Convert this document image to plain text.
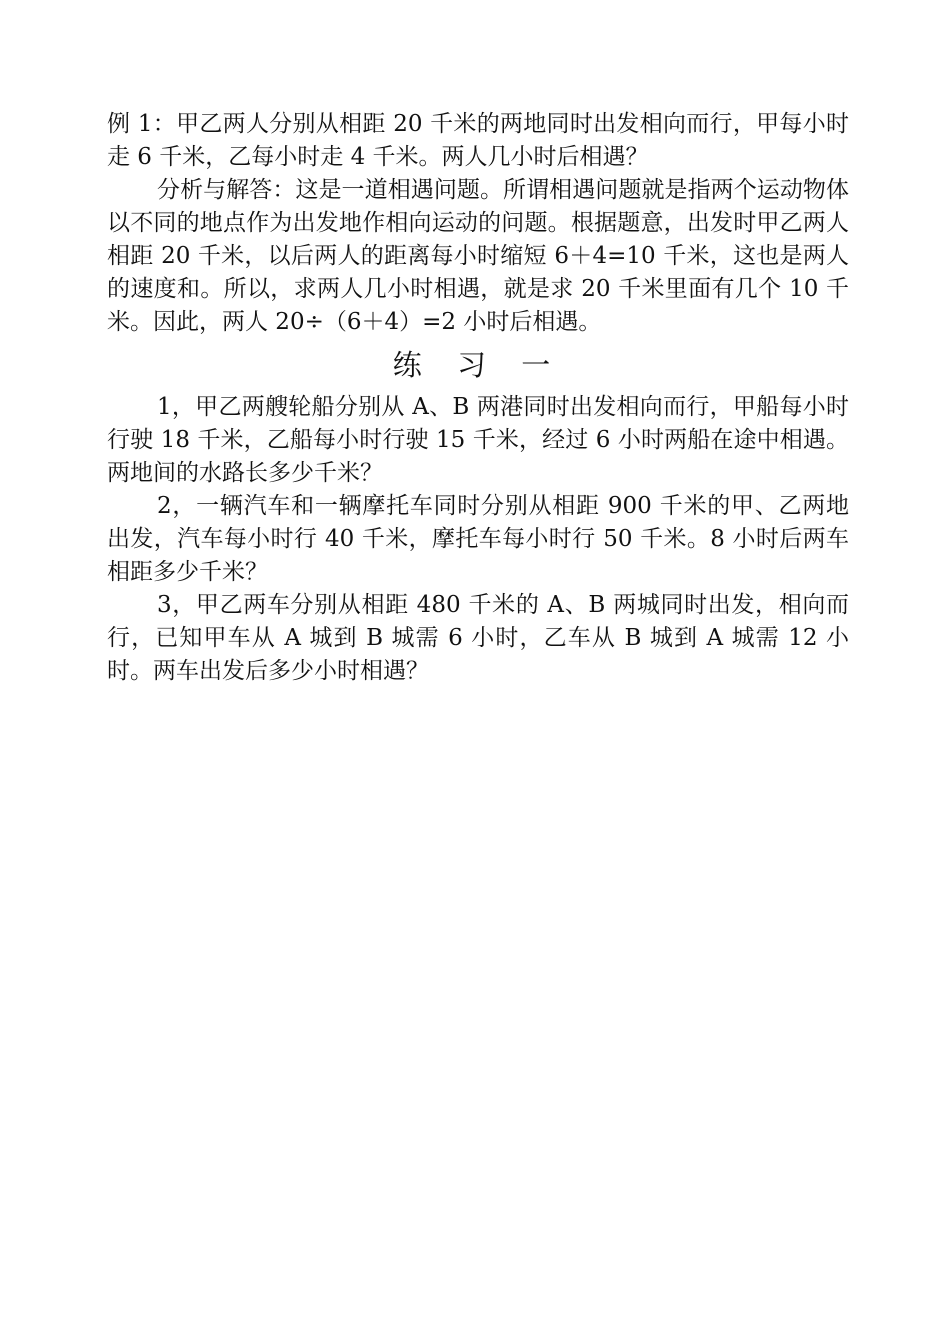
例 1：甲乙两人分别从相距 20 千米的两地同时出发相向而行，甲每小时走 6 千米，乙每小时走 4 千米。两人几小时后相遇？

分析与解答：这是一道相遇问题。所谓相遇问题就是指两个运动物体以不同的地点作为出发地作相向运动的问题。根据题意，出发时甲乙两人相距 20 千米，以后两人的距离每小时缩短 6＋4=10 千米，这也是两人的速度和。所以，求两人几小时相遇，就是求 20 千米里面有几个 10 千米。因此，两人 20÷（6＋4）=2 小时后相遇。

练 习 一

1，甲乙两艘轮船分别从 A、B 两港同时出发相向而行，甲船每小时行驶 18 千米，乙船每小时行驶 15 千米，经过 6 小时两船在途中相遇。两地间的水路长多少千米？

2，一辆汽车和一辆摩托车同时分别从相距 900 千米的甲、乙两地出发，汽车每小时行 40 千米，摩托车每小时行 50 千米。8 小时后两车相距多少千米？

3，甲乙两车分别从相距 480 千米的 A、B 两城同时出发，相向而行，已知甲车从 A 城到 B 城需 6 小时，乙车从 B 城到 A 城需 12 小时。两车出发后多少小时相遇？
